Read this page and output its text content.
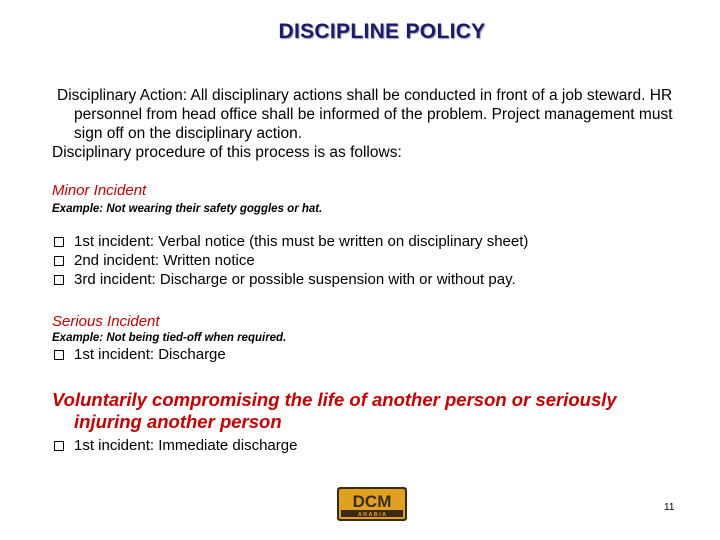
DISCIPLINE POLICY

Disciplinary Action: All disciplinary actions shall be conducted in front of a job steward. HR personnel from head office shall be informed of the problem. Project management must sign off on the disciplinary action.

Disciplinary procedure of this process is as follows:

Minor Incident
Example: Not wearing their safety goggles or hat.
1st incident: Verbal notice (this must be written on disciplinary sheet)
2nd incident: Written notice
3rd incident: Discharge or possible suspension with or without pay.
Serious Incident
Example: Not being tied-off when required.
1st incident: Discharge
Voluntarily compromising the life of another person or seriously
injuring another person
1st incident: Immediate discharge
DCM
A R A B I A
11
